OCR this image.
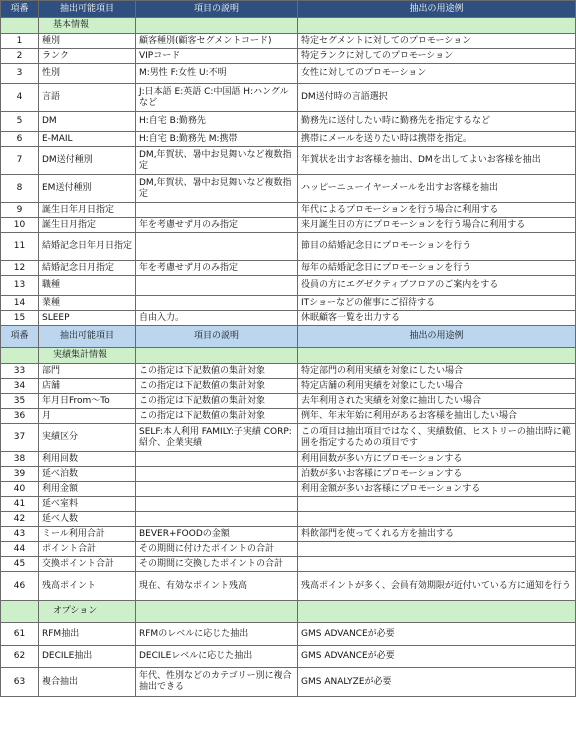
項番	抽出可能項目	項目の説明	抽出の用途例
	基本情報		
1	種別	顧客種別(顧客セグメントコード)	特定セグメントに対してのプロモーション
2	ランク	VIPコード	特定ランクに対してのプロモーション
3	性別	M:男性 F:女性 U:不明	女性に対してのプロモーション
4	言語	J:日本語 E:英語 C:中国語 H:ハングルなど	DM送付時の言語選択
5	DM	H:自宅 B:勤務先	勤務先に送付したい時に勤務先を指定するなど
6	E-MAIL	H:自宅 B:勤務先 M:携帯	携帯にメールを送りたい時は携帯を指定。
7	DM送付種別	DM,年賀状、暑中お見舞いなど複数指定	年賀状を出すお客様を抽出、DMを出してよいお客様を抽出
8	EM送付種別	DM,年賀状、暑中お見舞いなど複数指定	ハッピーニューイヤーメールを出すお客様を抽出
9	誕生日年月日指定		年代によるプロモーションを行う場合に利用する
10	誕生日月指定	年を考慮せず月のみ指定	来月誕生日の方にプロモーションを行う場合に利用する
11	結婚記念日年月日指定		節目の結婚記念日にプロモーションを行う
12	結婚記念日月指定	年を考慮せず月のみ指定	毎年の結婚記念日にプロモーションを行う
13	職種		役員の方にエグゼクティブフロアのご案内をする
14	業種		ITショーなどの催事にご招待する
15	SLEEP	自由入力。	休眠顧客一覧を出力する
項番	抽出可能項目	項目の説明	抽出の用途例
	実績集計情報		
33	部門	この指定は下記数値の集計対象	特定部門の利用実績を対象にしたい場合
34	店舗	この指定は下記数値の集計対象	特定店舗の利用実績を対象にしたい場合
35	年月日From～To	この指定は下記数値の集計対象	去年利用された実績を対象に抽出したい場合
36	月	この指定は下記数値の集計対象	例年、年末年始に利用があるお客様を抽出したい場合
37	実績区分	SELF:本人利用 FAMILY:子実績 CORP:紹介、企業実績	この項目は抽出項目ではなく、実績数値、ヒストリーの抽出時に範囲を指定するための項目です
38	利用回数		利用回数が多い方にプロモーションする
39	延べ泊数		泊数が多いお客様にプロモーションする
40	利用金額		利用金額が多いお客様にプロモーションする
41	延べ室料		
42	延べ人数		
43	ミール利用合計	BEVER+FOODの金額	料飲部門を使ってくれる方を抽出する
44	ポイント合計	その期間に付けたポイントの合計	
45	交換ポイント合計	その期間に交換したポイントの合計	
46	残高ポイント	現在、有効なポイント残高	残高ポイントが多く、会員有効期限が近付いている方に通知を行う
	オプション		
61	RFM抽出	RFMのレベルに応じた抽出	GMS ADVANCEが必要
62	DECILE抽出	DECILEレベルに応じた抽出	GMS ADVANCEが必要
63	複合抽出	年代、性別などのカテゴリー別に複合抽出できる	GMS ANALYZEが必要
